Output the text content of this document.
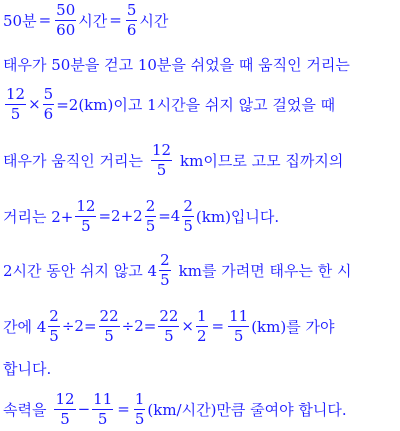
50분 = $\frac{50}{60}$ 시간 = $\frac{5}{6}$ 시간
태우가 50분을 걷고 10분을 쉬었을 때 움직인 거리는
$\frac{12}{5} \times \frac{5}{6} =2(km)$이고 1시간을 쉬지 않고 걸었을 때
태우가 움직인 거리는 $\frac{12}{5}$ km이므로 고모 집까지의
거리는 $2+ \frac{12}{5} =2+2 \frac{2}{5} =4 \frac{2}{5} (km)$입니다.
2시간 동안 쉬지 않고 $4 \frac{2}{5}$ km를 가려면 태우는 한 시
간에 $4 \frac{2}{5} \div 2= \frac{22}{5} \div 2= \frac{22}{5} \times \frac{1}{2} = \frac{11}{5} (km)$를 가야
합니다.
속력을 $\frac{12}{5} - \frac{11}{5} = \frac{1}{5} (km/$시간)만큼 줄여야 합니다.
